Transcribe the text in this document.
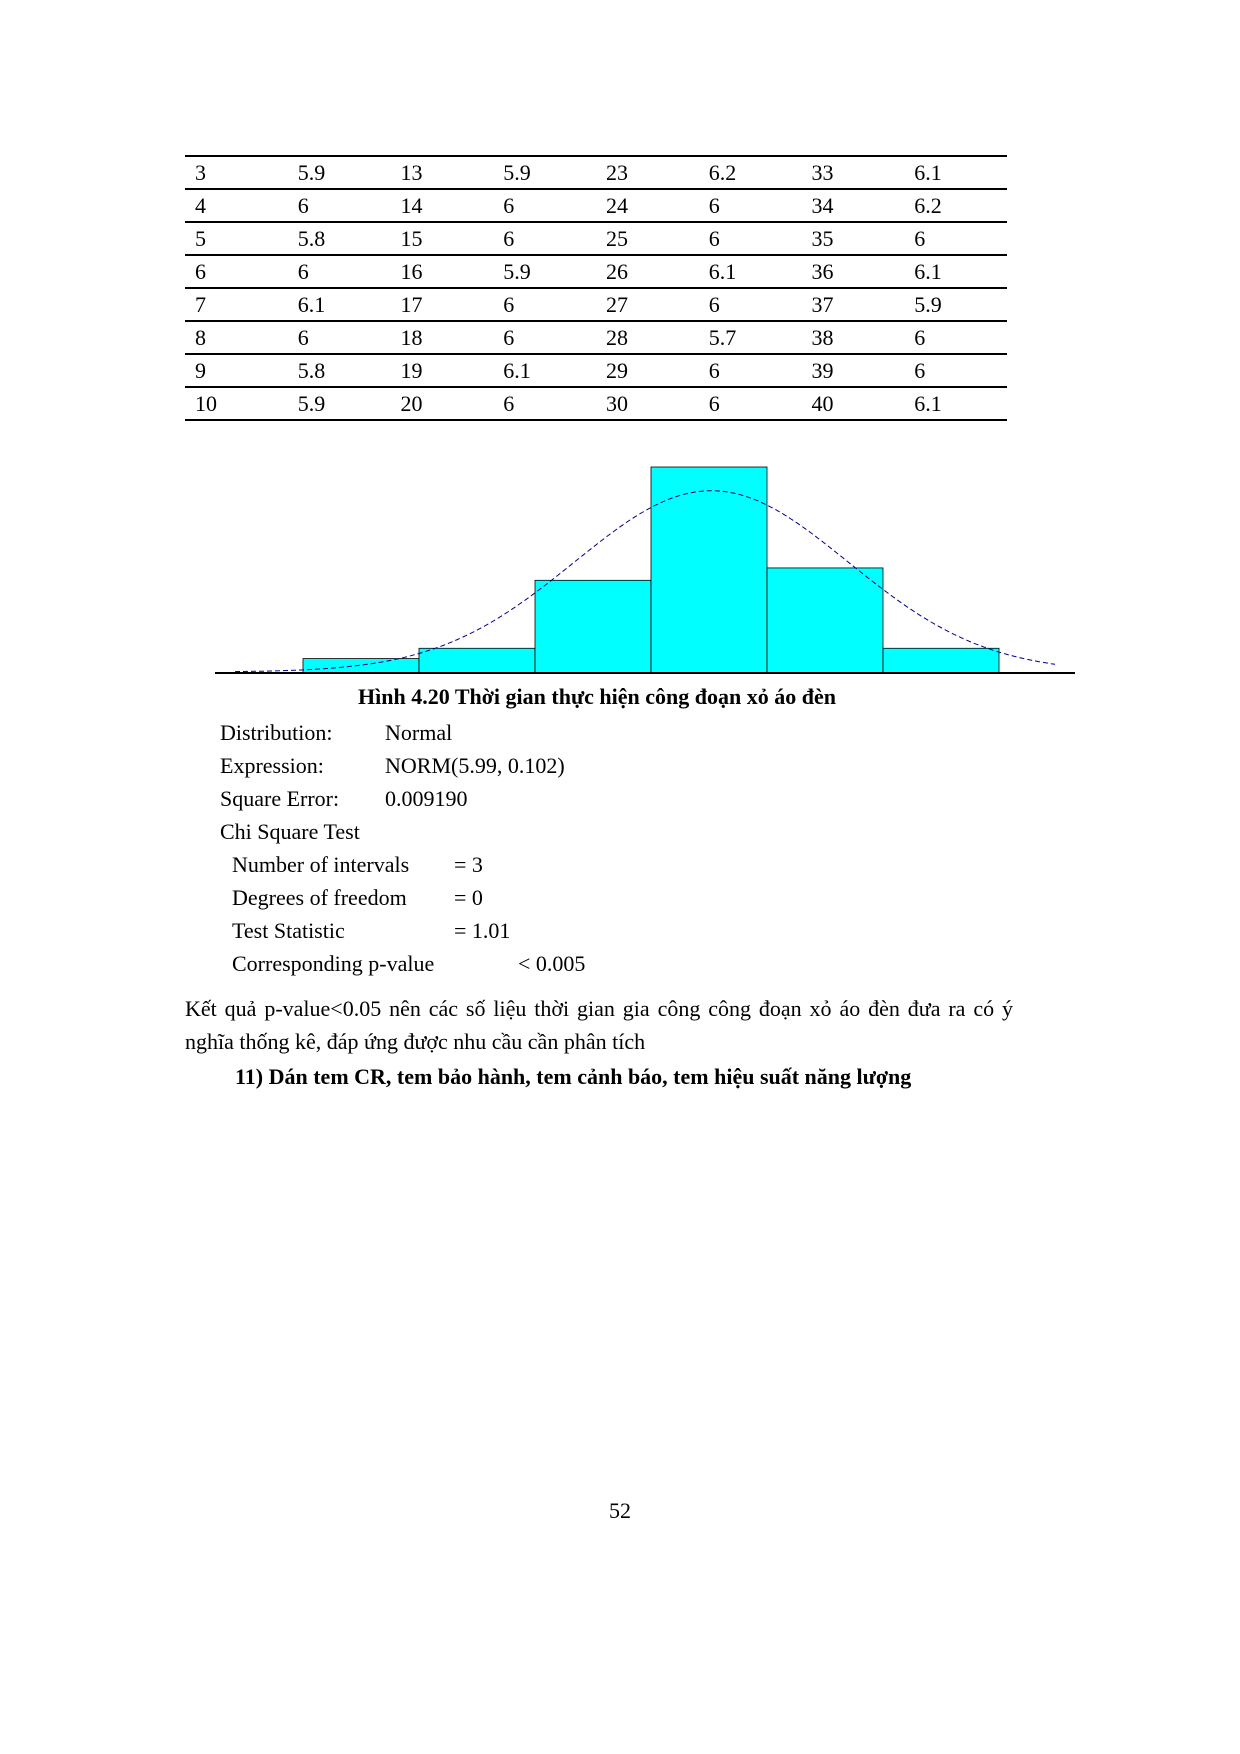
3	5.9	13	5.9	23	6.2	33	6.1
4	6	14	6	24	6	34	6.2
5	5.8	15	6	25	6	35	6
6	6	16	5.9	26	6.1	36	6.1
7	6.1	17	6	27	6	37	5.9
8	6	18	6	28	5.7	38	6
9	5.8	19	6.1	29	6	39	6
10	5.9	20	6	30	6	40	6.1
Hình 4.20 Thời gian thực hiện công đoạn xỏ áo đèn
Distribution: Normal
Expression:	NORM(5.99, 0.102)
Square Error: 0.009190
Chi Square Test
Number of intervals = 3
Degrees of freedom = 0
Test Statistic	= 1.01
Corresponding p-value	< 0.005
Kết quả p-value<0.05 nên các số liệu thời gian gia công công đoạn xỏ áo đèn đưa ra có ý nghĩa thống kê, đáp ứng được nhu cầu cần phân tích
11) Dán tem CR, tem bảo hành, tem cảnh báo, tem hiệu suất năng lượng
52
